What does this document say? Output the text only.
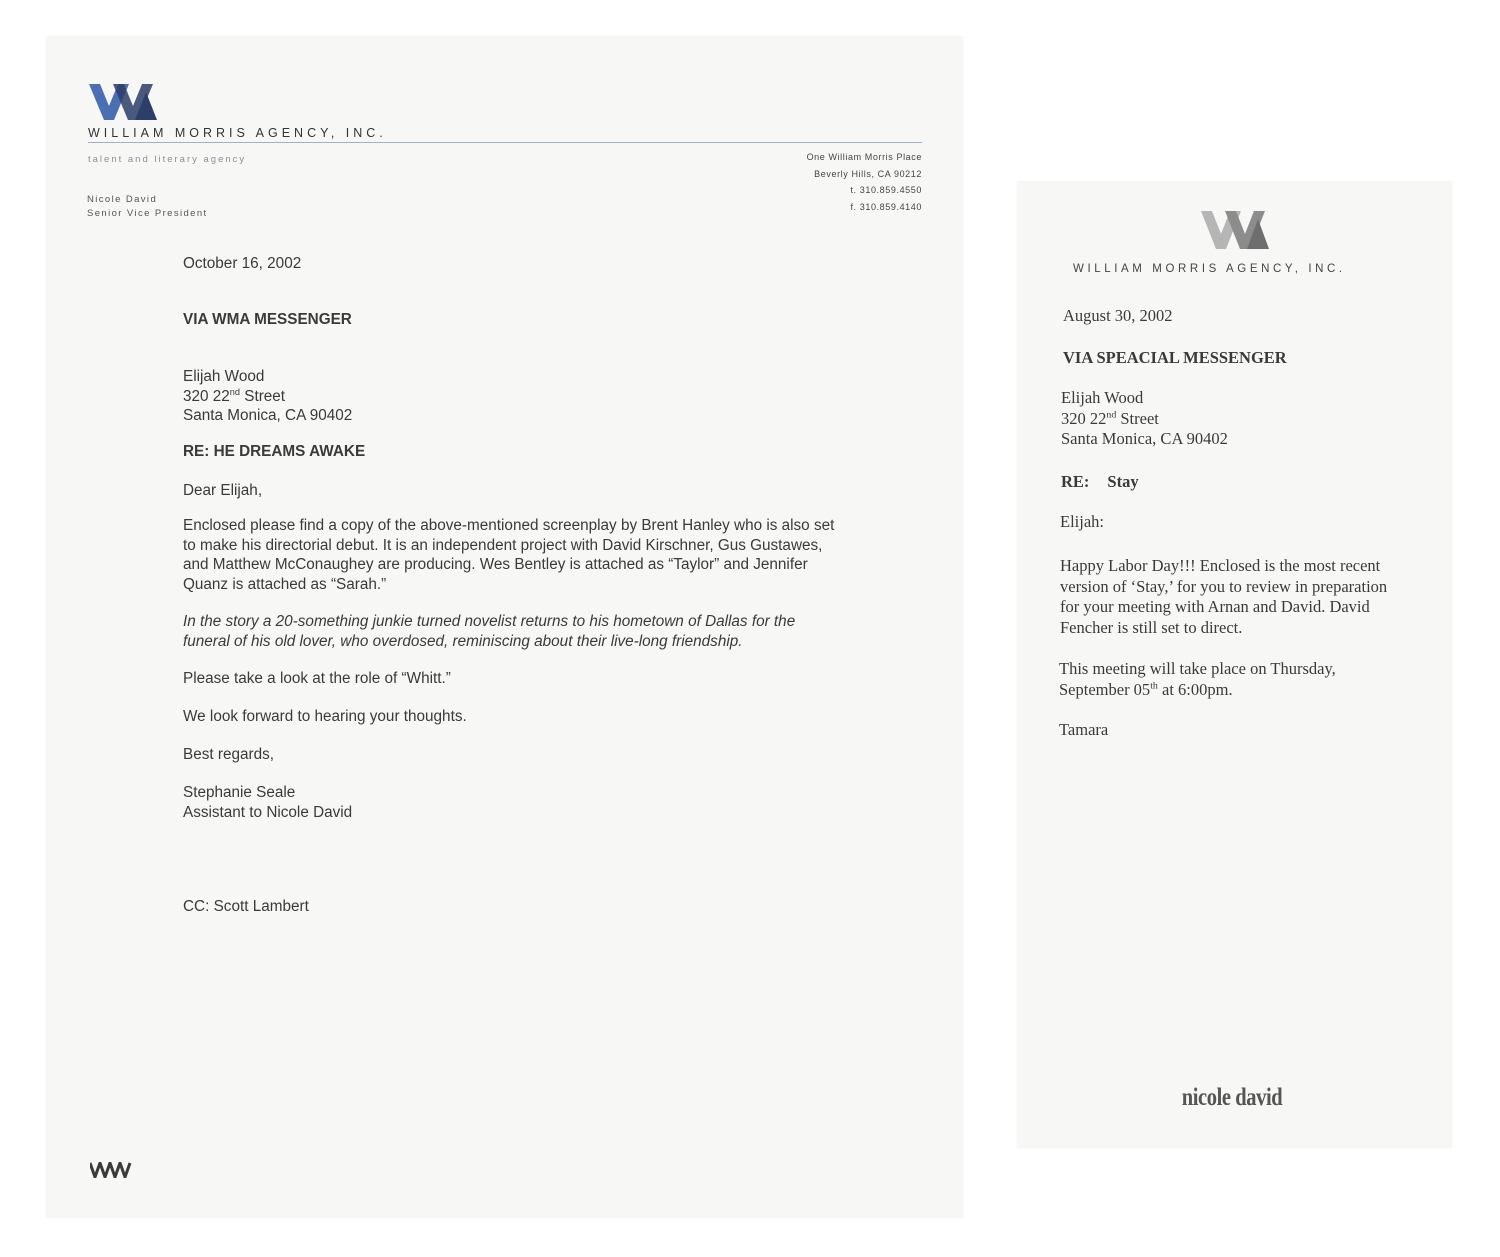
WILLIAM MORRIS AGENCY, INC.
talent and literary agency
Nicole David
Senior Vice President
One William Morris Place
Beverly Hills, CA 90212
t. 310.859.4550
f. 310.859.4140
October 16, 2002
VIA WMA MESSENGER
Elijah Wood
320 22nd Street
Santa Monica, CA 90402
RE: HE DREAMS AWAKE
Dear Elijah,
Enclosed please find a copy of the above-mentioned screenplay by Brent Hanley who is also set to make his directorial debut. It is an independent project with David Kirschner, Gus Gustawes, and Matthew McConaughey are producing. Wes Bentley is attached as “Taylor” and Jennifer Quanz is attached as “Sarah.”
In the story a 20-something junkie turned novelist returns to his hometown of Dallas for the funeral of his old lover, who overdosed, reminiscing about their live-long friendship.
Please take a look at the role of “Whitt.”
We look forward to hearing your thoughts.
Best regards,
Stephanie Seale
Assistant to Nicole David
CC: Scott Lambert
WILLIAM MORRIS AGENCY, INC.
August 30, 2002
VIA SPEACIAL MESSENGER
Elijah Wood
320 22nd Street
Santa Monica, CA 90402
RE: Stay
Elijah:
Happy Labor Day!!! Enclosed is the most recent version of ‘Stay,’ for you to review in preparation for your meeting with Arnan and David. David Fencher is still set to direct.
This meeting will take place on Thursday, September 05th at 6:00pm.
Tamara
nicole david
